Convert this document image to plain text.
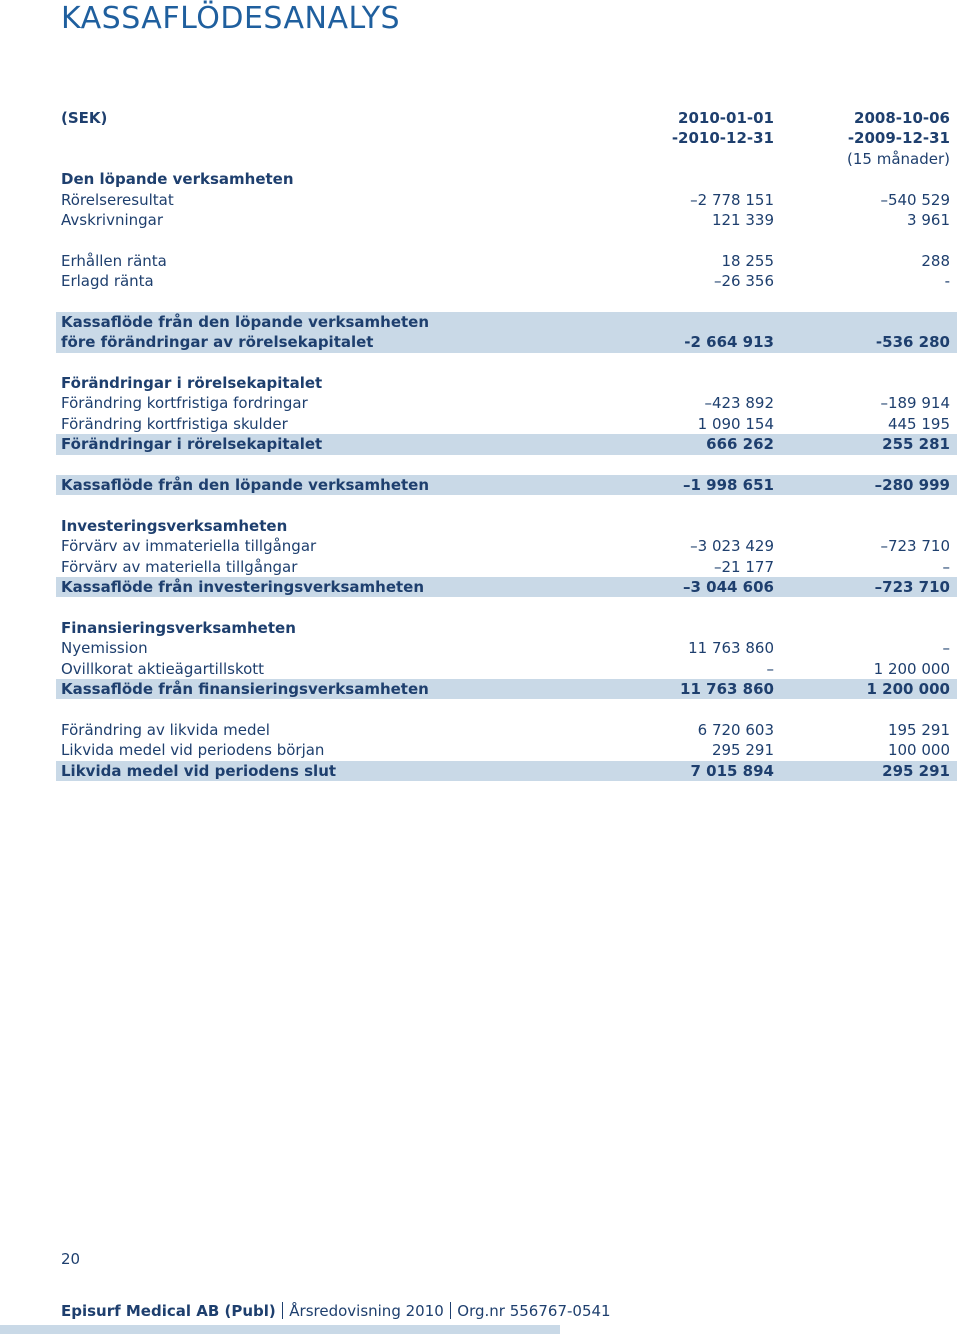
KASSAFLÖDESANALYS
(SEK)	2010-01-01	2008-10-06
-2010-12-31	-2009-12-31
(15 månader)
Den löpande verksamheten
Rörelseresultat	–2 778 151	–540 529
Avskrivningar	121 339	3 961
Erhållen ränta	18 255	288
Erlagd ränta	–26 356	-
Kassaflöde från den löpande verksamheten
före förändringar av rörelsekapitalet	-2 664 913	-536 280
Förändringar i rörelsekapitalet
Förändring kortfristiga fordringar	–423 892	–189 914
Förändring kortfristiga skulder	1 090 154	445 195
Förändringar i rörelsekapitalet	666 262	255 281
Kassaflöde från den löpande verksamheten	–1 998 651	–280 999
Investeringsverksamheten
Förvärv av immateriella tillgångar	–3 023 429	–723 710
Förvärv av materiella tillgångar	–21 177	–
Kassaflöde från investeringsverksamheten	–3 044 606	–723 710
Finansieringsverksamheten
Nyemission	11 763 860	–
Ovillkorat aktieägartillskott	–	1 200 000
Kassaflöde från finansieringsverksamheten	11 763 860	1 200 000
Förändring av likvida medel	6 720 603	195 291
Likvida medel vid periodens början	295 291	100 000
Likvida medel vid periodens slut	7 015 894	295 291
20
Episurf Medical AB (Publ) Årsredovisning 2010 Org.nr 556767-0541
